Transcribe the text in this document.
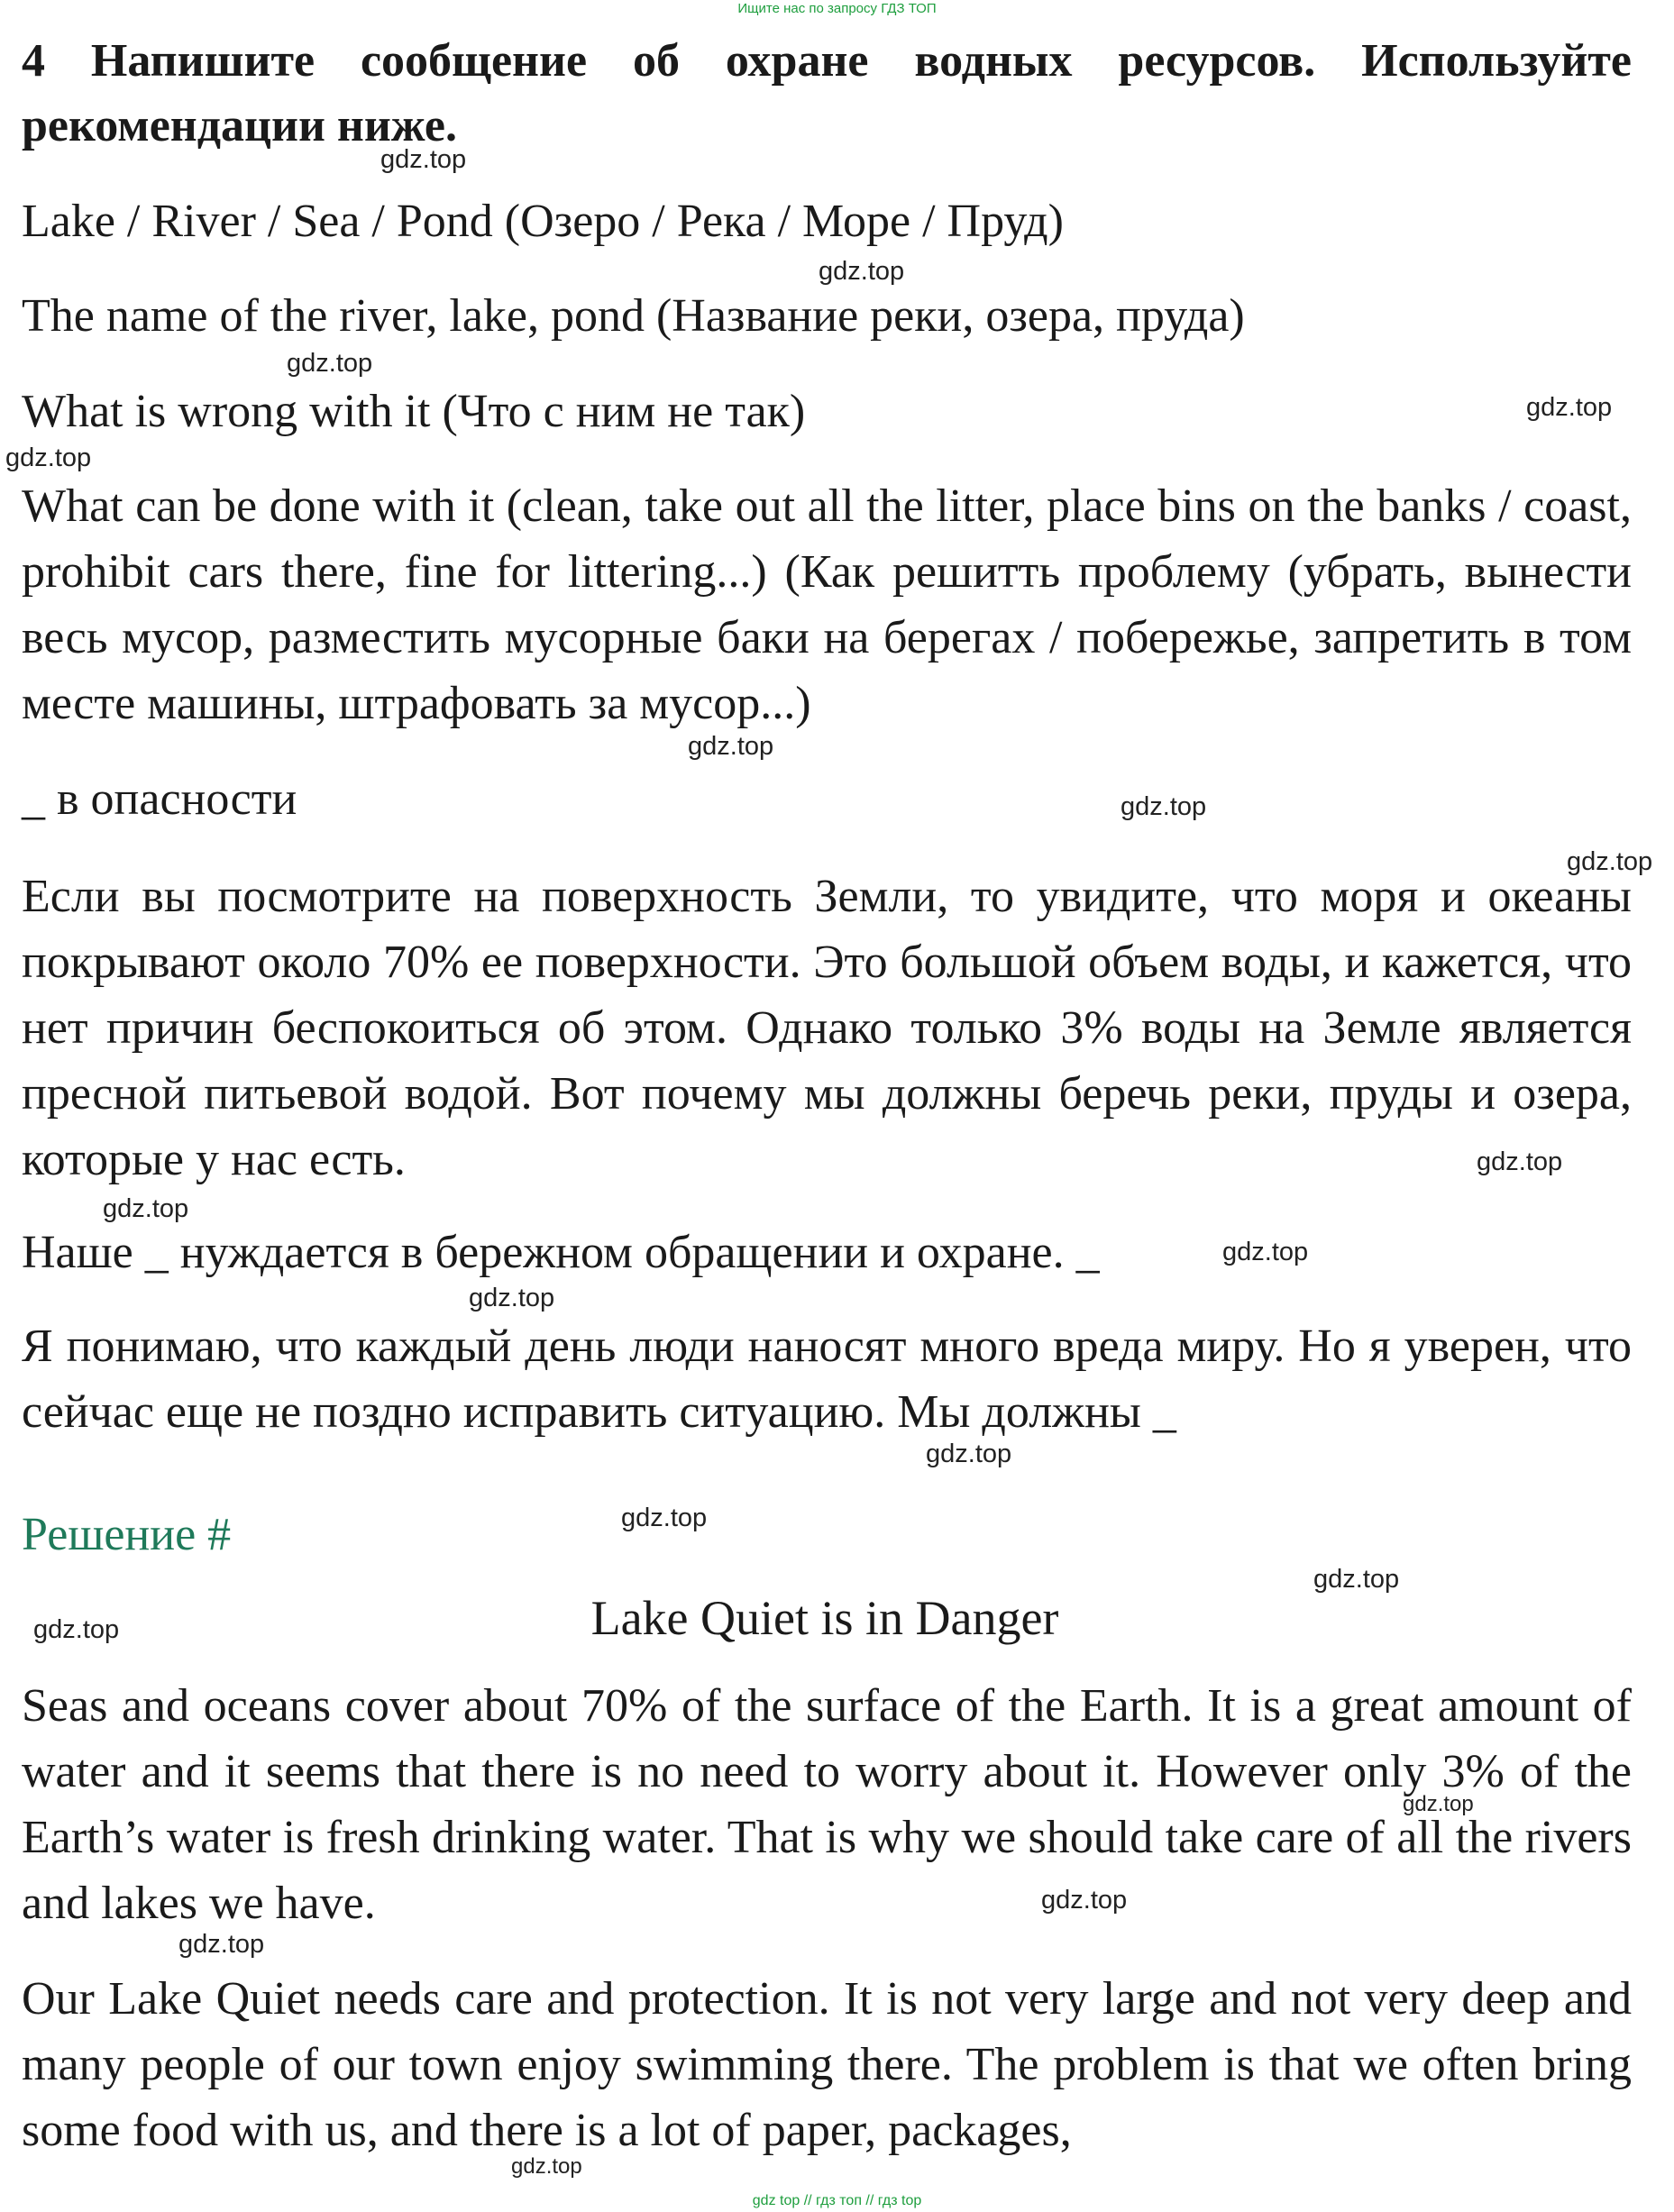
Ищите нас по запросу ГДЗ ТОП
4 Напишите сообщение об охране водных ресурсов. Используйте рекомендации ниже.

Lake / River / Sea / Pond (Озеро / Река / Море / Пруд)

The name of the river, lake, pond (Название реки, озера, пруда)

What is wrong with it (Что с ним не так)

What can be done with it (clean, take out all the litter, place bins on the banks / coast, prohibit cars there, fine for littering...) (Как решитть проблему (убрать, вынести весь мусор, разместить мусорные баки на берегах / побережье, запретить в том месте машины, штрафовать за мусор...)

_ в опасности

Если вы посмотрите на поверхность Земли, то увидите, что моря и океаны покрывают около 70% ее поверхности. Это большой объем воды, и кажется, что нет причин беспокоиться об этом. Однако только 3% воды на Земле является пресной питьевой водой. Вот почему мы должны беречь реки, пруды и озера, которые у нас есть.

Наше _ нуждается в бережном обращении и охране. _

Я понимаю, что каждый день люди наносят много вреда миру. Но я уверен, что сейчас еще не поздно исправить ситуацию. Мы должны _

Решение #

Lake Quiet is in Danger

Seas and oceans cover about 70% of the surface of the Earth. It is a great amount of water and it seems that there is no need to worry about it. However only 3% of the Earth’s water is fresh drinking water. That is why we should take care of all the rivers and lakes we have.

Our Lake Quiet needs care and protection. It is not very large and not very deep and many people of our town enjoy swimming there. The problem is that we often bring some food with us, and there is a lot of paper, packages,

gdz.top
gdz.top
gdz.top
gdz.top
gdz.top
gdz.top
gdz.top
gdz.top
gdz.top
gdz.top
gdz.top
gdz.top
gdz.top
gdz.top
gdz.top
gdz.top
gdz.top
gdz.top
gdz.top
gdz.top
gdz top // гдз топ // гдз top
